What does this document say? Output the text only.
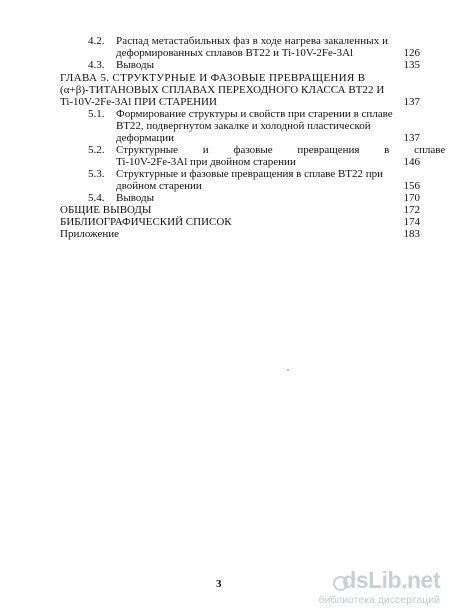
4.2. Распад метастабильных фаз в ходе нагрева закаленных и
деформированных сплавов ВТ22 и Ti-10V-2Fe-3Al	126
4.3. Выводы	135
ГЛАВА 5. СТРУКТУРНЫЕ И ФАЗОВЫЕ ПРЕВРАЩЕНИЯ В
(α+β)-ТИТАНОВЫХ СПЛАВАХ ПЕРЕХОДНОГО КЛАССА ВТ22 И
Ti-10V-2Fe-3Al ПРИ СТАРЕНИИ	137
5.1. Формирование структуры и свойств при старении в сплаве
ВТ22, подвергнутом закалке и холодной пластической
деформации	137
5.2. Структурные и фазовые превращения в сплаве
Ti-10V-2Fe-3Al при двойном старении	146
5.3. Структурные и фазовые превращения в сплаве ВТ22 при
двойном старении	156
5.4. Выводы	170
ОБЩИЕ ВЫВОДЫ	172
БИБЛИОГРАФИЧЕСКИЙ СПИСОК	174
Приложение	183
3	dsLib.net
библиотека диссертаций
